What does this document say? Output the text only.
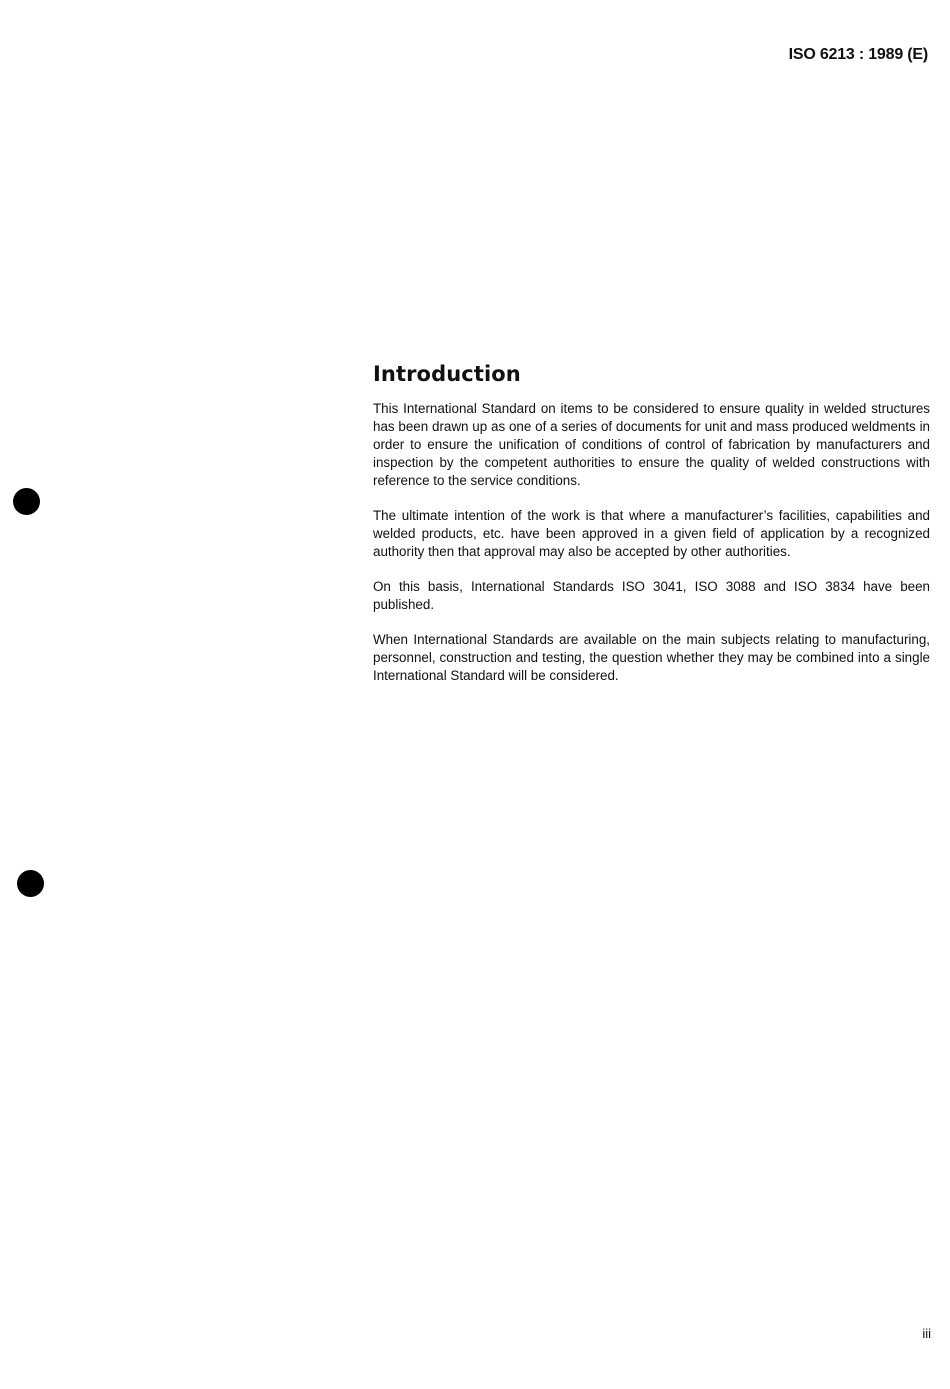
ISO 6213 : 1989 (E)
Introduction

This International Standard on items to be considered to ensure quality in welded structures has been drawn up as one of a series of documents for unit and mass produced weldments in order to ensure the unification of conditions of control of fabrication by manufacturers and inspection by the competent authorities to ensure the quality of welded constructions with reference to the service conditions.

The ultimate intention of the work is that where a manufacturer’s facilities, capabilities and welded products, etc. have been approved in a given field of application by a recognized authority then that approval may also be accepted by other authorities.

On this basis, International Standards ISO 3041, ISO 3088 and ISO 3834 have been published.

When International Standards are available on the main subjects relating to manufacturing, personnel, construction and testing, the question whether they may be combined into a single International Standard will be considered.

iii
